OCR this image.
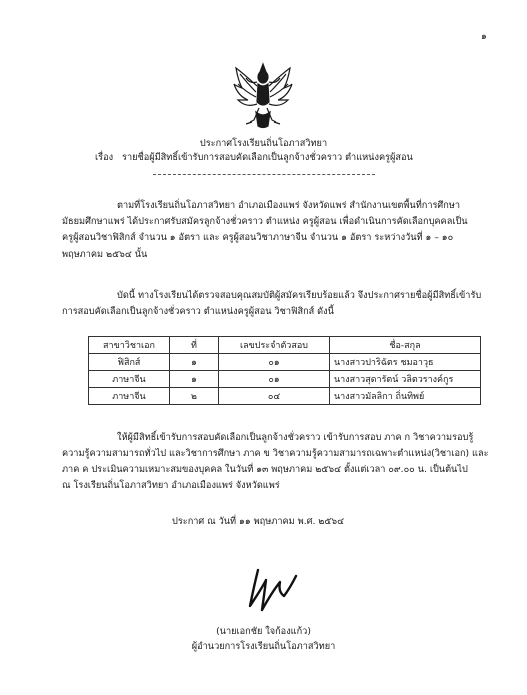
๑
ประกาศโรงเรียนถิ่นโอภาสวิทยา
เรื่อง รายชื่อผู้มีสิทธิ์เข้ารับการสอบคัดเลือกเป็นลูกจ้างชั่วคราว ตำแหน่งครูผู้สอน
ตามที่โรงเรียนถิ่นโอภาสวิทยา อำเภอเมืองแพร่ จังหวัดแพร่ สำนักงานเขตพื้นที่การศึกษา
มัธยมศึกษาแพร่ ได้ประกาศรับสมัครลูกจ้างชั่วคราว ตำแหน่ง ครูผู้สอน เพื่อดำเนินการคัดเลือกบุคคลเป็น
ครูผู้สอนวิชาฟิสิกส์ จำนวน ๑ อัตรา และ ครูผู้สอนวิชาภาษาจีน จำนวน ๑ อัตรา ระหว่างวันที่ ๑ – ๑๐
พฤษภาคม ๒๕๖๔ นั้น
บัดนี้ ทางโรงเรียนได้ตรวจสอบคุณสมบัติผู้สมัครเรียบร้อยแล้ว จึงประกาศรายชื่อผู้มีสิทธิ์เข้ารับ
การสอบคัดเลือกเป็นลูกจ้างชั่วคราว ตำแหน่งครูผู้สอน วิชาฟิสิกส์ ดังนี้
สาขาวิชาเอก	ที่	เลขประจำตัวสอบ	ชื่อ-สกุล
ฟิสิกส์	๑	๐๑	นางสาวปาริฉัตร ชมอาวุธ
ภาษาจีน	๑	๐๑	นางสาวสุดารัตน์ วลิตวรางค์กูร
ภาษาจีน	๒	๐๔	นางสาวมัลลิกา ถิ่นทิพย์
ให้ผู้มีสิทธิ์เข้ารับการสอบคัดเลือกเป็นลูกจ้างชั่วคราว เข้ารับการสอบ ภาค ก วิชาความรอบรู้
ความรู้ความสามารถทั่วไป และวิชาการศึกษา ภาค ข วิชาความรู้ความสามารถเฉพาะตำแหน่ง(วิชาเอก) และ
ภาค ค ประเมินความเหมาะสมของบุคคล ในวันที่ ๑๓ พฤษภาคม ๒๕๖๔ ตั้งแต่เวลา ๐๙.๐๐ น. เป็นต้นไป
ณ โรงเรียนถิ่นโอภาสวิทยา อำเภอเมืองแพร่ จังหวัดแพร่
ประกาศ ณ วันที่ ๑๑ พฤษภาคม พ.ศ. ๒๕๖๔
(นายเอกชัย ใจก้องแก้ว)
ผู้อำนวยการโรงเรียนถิ่นโอภาสวิทยา
